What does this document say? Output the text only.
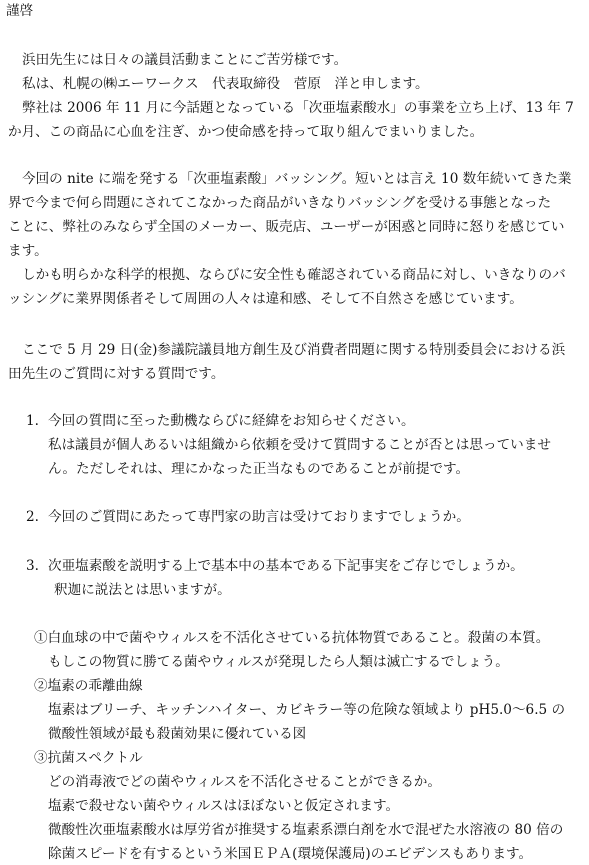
謹啓
浜田先生には日々の議員活動まことにご苦労様です。
私は、札幌の㈱エーワークス　代表取締役　菅原　洋と申します。
弊社は 2006 年 11 月に今話題となっている「次亜塩素酸水」の事業を立ち上げ、13 年 7
か月、この商品に心血を注ぎ、かつ使命感を持って取り組んでまいりました。
今回の nite に端を発する「次亜塩素酸」バッシング。短いとは言え 10 数年続いてきた業
界で今まで何ら問題にされてこなかった商品がいきなりバッシングを受ける事態となった
ことに、弊社のみならず全国のメーカー、販売店、ユーザーが困惑と同時に怒りを感じてい
ます。
しかも明らかな科学的根拠、ならびに安全性も確認されている商品に対し、いきなりのバ
ッシングに業界関係者そして周囲の人々は違和感、そして不自然さを感じています。
ここで 5 月 29 日(金)参議院議員地方創生及び消費者問題に関する特別委員会における浜
田先生のご質問に対する質問です。
1. 今回の質問に至った動機ならびに経緯をお知らせください。
私は議員が個人あるいは組織から依頼を受けて質問することが否とは思っていませ
ん。ただしそれは、理にかなった正当なものであることが前提です。
2. 今回のご質問にあたって専門家の助言は受けておりますでしょうか。
3. 次亜塩素酸を説明する上で基本中の基本である下記事実をご存じでしょうか。
釈迦に説法とは思いますが。
①白血球の中で菌やウィルスを不活化させている抗体物質であること。殺菌の本質。
もしこの物質に勝てる菌やウィルスが発現したら人類は滅亡するでしょう。
②塩素の乖離曲線
塩素はブリーチ、キッチンハイター、カビキラー等の危険な領域より pH5.0～6.5 の
微酸性領域が最も殺菌効果に優れている図
③抗菌スペクトル
どの消毒液でどの菌やウィルスを不活化させることができるか。
塩素で殺せない菌やウィルスはほぼないと仮定されます。
微酸性次亜塩素酸水は厚労省が推奨する塩素系漂白剤を水で混ぜた水溶液の 80 倍の
除菌スピードを有するという米国ＥＰＡ(環境保護局)のエビデンスもあります。
